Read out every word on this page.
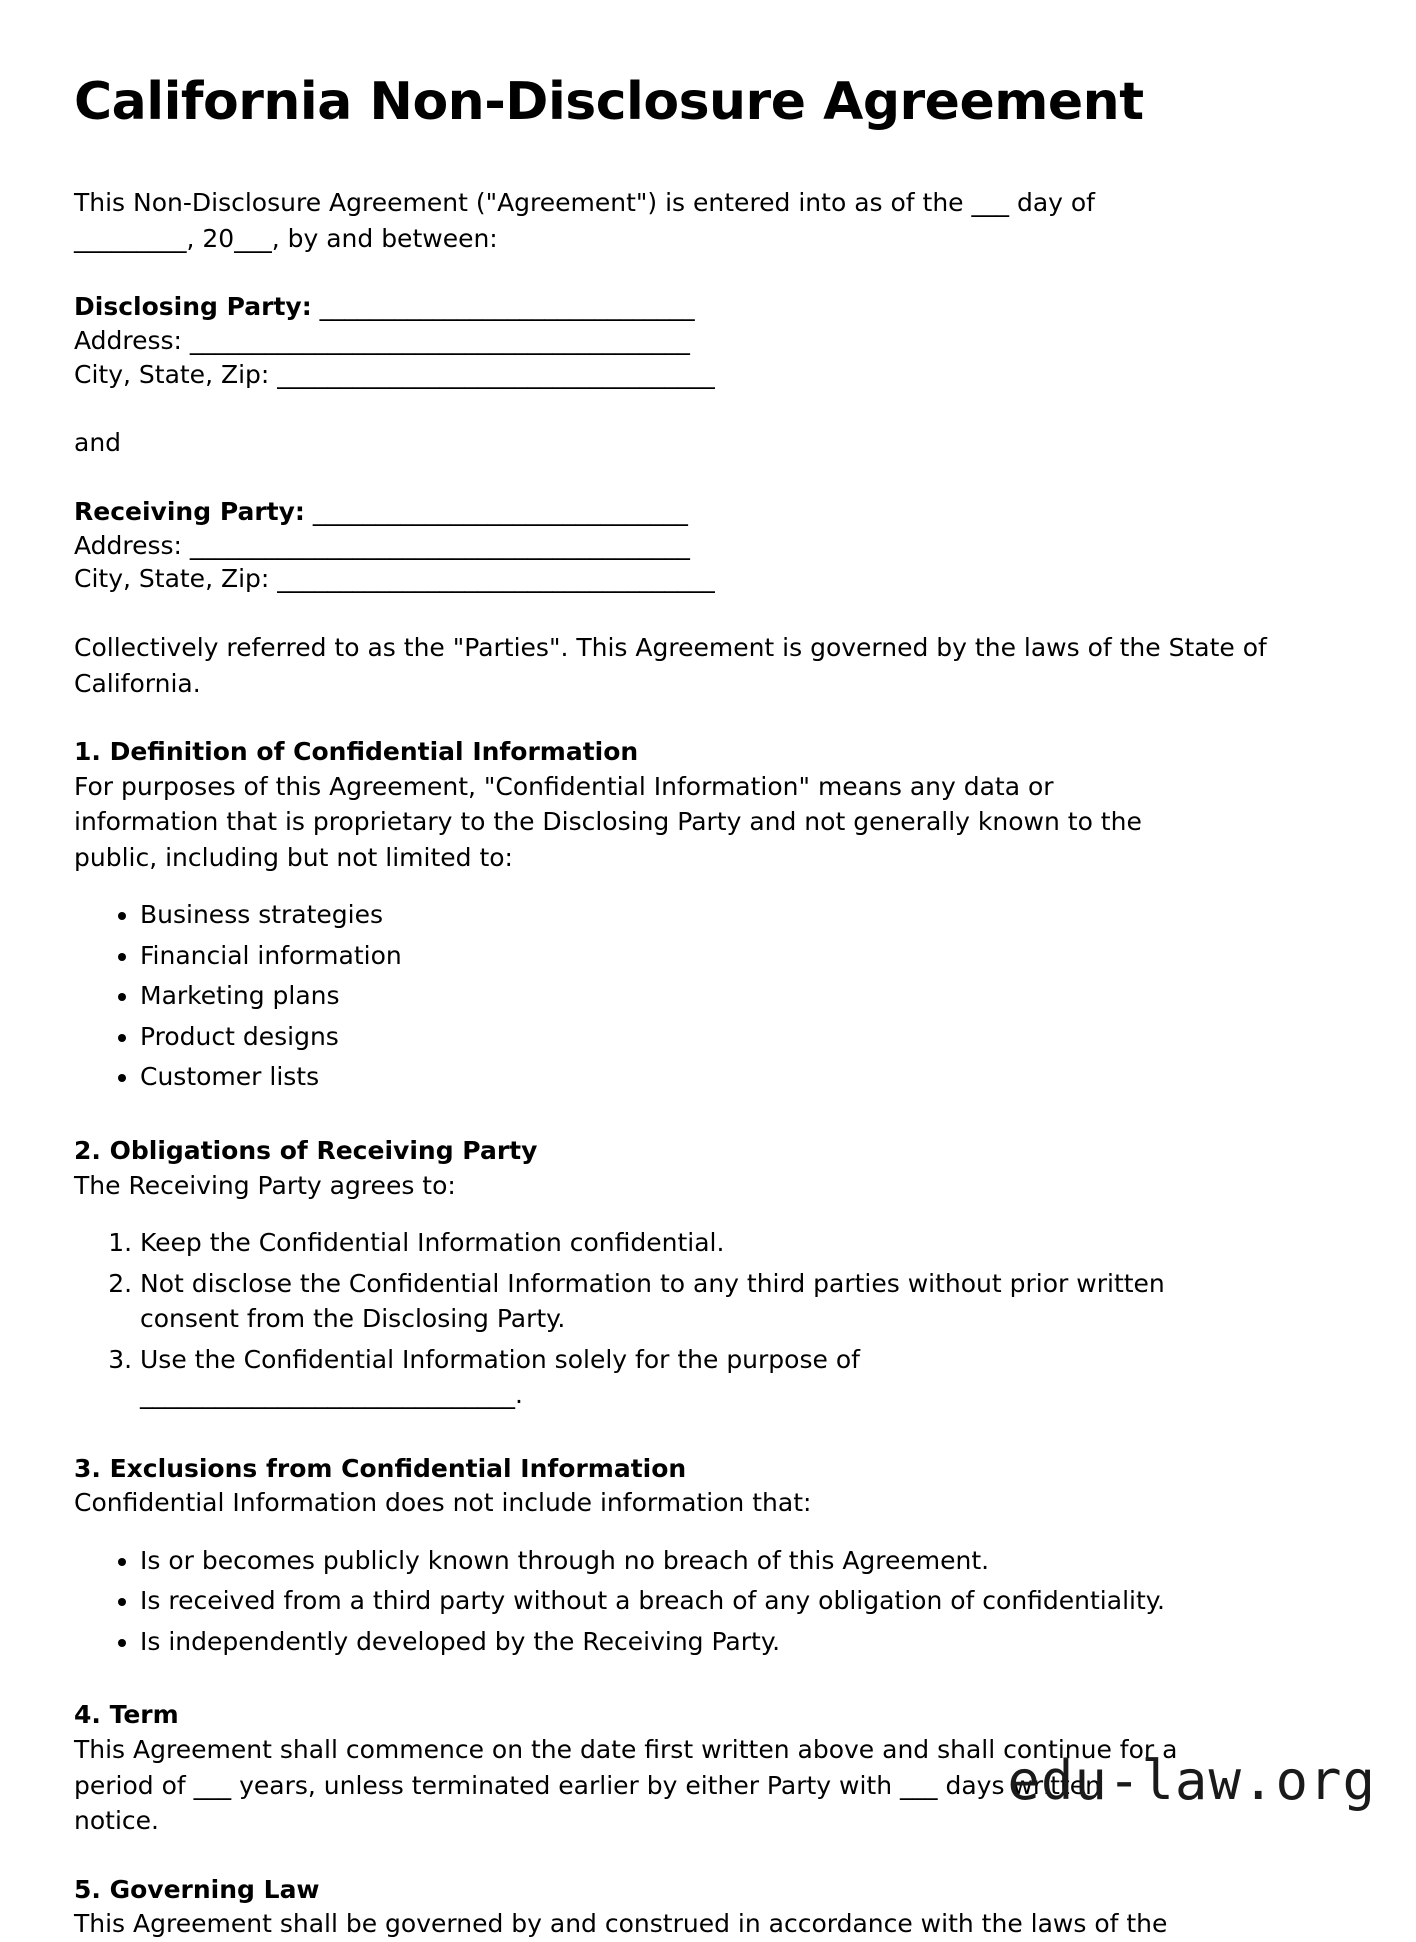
California Non-Disclosure Agreement

This Non-Disclosure Agreement ("Agreement") is entered into as of the ___ day of _________, 20___, by and between:

Disclosing Party: ______________________________
Address: ________________________________________
City, State, Zip: ___________________________________

and

Receiving Party: ______________________________
Address: ________________________________________
City, State, Zip: ___________________________________

Collectively referred to as the "Parties". This Agreement is governed by the laws of the State of California.

1. Definition of Confidential Information

For purposes of this Agreement, "Confidential Information" means any data or information that is proprietary to the Disclosing Party and not generally known to the public, including but not limited to:

• Business strategies
• Financial information
• Marketing plans
• Product designs
• Customer lists
2. Obligations of Receiving Party

The Receiving Party agrees to:

1. Keep the Confidential Information confidential.
2. Not disclose the Confidential Information to any third parties without prior written consent from the Disclosing Party.
3. Use the Confidential Information solely for the purpose of ______________________________.
3. Exclusions from Confidential Information

Confidential Information does not include information that:

• Is or becomes publicly known through no breach of this Agreement.
• Is received from a third party without a breach of any obligation of confidentiality.
• Is independently developed by the Receiving Party.
4. Term

This Agreement shall commence on the date first written above and shall continue for a period of ___ years, unless terminated earlier by either Party with ___ days written notice.

5. Governing Law

This Agreement shall be governed by and construed in accordance with the laws of the

edu-law.org
